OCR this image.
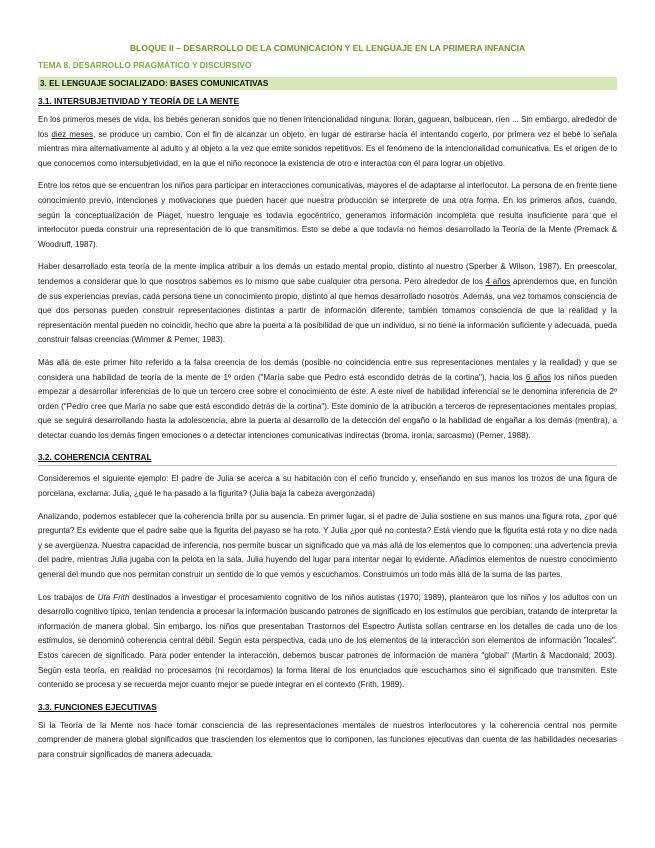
BLOQUE II – DESARROLLO DE LA COMUNICACIÓN Y EL LENGUAJE EN LA PRIMERA INFANCIA
TEMA 8. DESARROLLO PRAGMÁTICO Y DISCURSIVO
3. EL LENGUAJE SOCIALIZADO: BASES COMUNICATIVAS
3.1. INTERSUBJETIVIDAD Y TEORÍA DE LA MENTE

En los primeros meses de vida, los bebés generan sonidos que no tienen intencionalidad ninguna: lloran, gaguean, balbucean, ríen ... Sin embargo, alrededor de los diez meses, se produce un cambio. Con el fin de alcanzar un objeto, en lugar de estirarse hacia él intentando cogerlo, por primera vez el bebé lo señala mientras mira alternativamente al adulto y al objeto a la vez que emite sonidos repetitivos. Es el fenómeno de la intencionalidad comunicativa. Es el origen de lo que conocemos como intersubjetividad, en la que el niño reconoce la existencia de otro e interactúa con él para lograr un objetivo.

Entre los retos que se encuentran los niños para participar en interacciones comunicativas, mayores el de adaptarse al interlocutor. La persona de en frente tiene conocimiento previo, intenciones y motivaciones que pueden hacer que nuestra producción se interprete de una otra forma. En los primeros años, cuando, según la conceptualización de Piaget, nuestro lenguaje es todavía egocéntrico, generamos información incompleta que resulta insuficiente para que el interlocutor pueda construir una representación de lo que transmitimos. Esto se debe a que todavía no hemos desarrollado la Teoría de la Mente (Premack & Woodruff, 1987).

Haber desarrollado esta teoría de la mente implica atribuir a los demás un estado mental propio, distinto al nuestro (Sperber & Wilson, 1987). En preescolar, tendemos a considerar que lo que nosotros sabemos es lo mismo que sabe cualquier otra persona. Pero alrededor de los 4 años aprendemos que, en función de sus experiencias previas, cada persona tiene un conocimiento propio, distinto al que hemos desarrollado nosotros. Además, una vez tomamos consciencia de que dos personas pueden construir representaciones distintas a partir de información diferente, también tomamos consciencia de que la realidad y la representación mental pueden no coincidir, hecho que abre la puerta a la posibilidad de que un individuo, si no tiene la información suficiente y adecuada, pueda construir falsas creencias (Wimmer & Pemer, 1983).

Más allá de este primer hito referido a la falsa creencia de los demás (posible no coincidencia entre sus representaciones mentales y la realidad) y que se considera una habilidad de teoría de la mente de 1º orden ("María sabe que Pedro está escondido detrás de la cortina"), hacia los 6 años los niños pueden empezar a desarrollar inferencias de lo que un tercero cree sobre el conocimiento de éste. A este nivel de habilidad inferencial se le denomina inferencia de 2º orden ("Pedro cree que María no sabe que está escondido detrás de la cortina"). Este dominio de la atribución a terceros de representaciones mentales propias, que se seguirá desarrollando hasta la adolescencia, abre la puerta al desarrollo de la detección del engaño o la habilidad de engañar a los demás (mentira), a detectar cuando los demás fingen emociones o a detectar intenciones comunicativas indirectas (broma, ironía, sarcasmo) (Perner, 1988).

3.2. COHERENCIA CENTRAL

Consideremos el siguiente ejemplo: El padre de Julia se acerca a su habitación con el ceño fruncido y, enseñando en sus manos los trozos de una figura de porcelana, exclama: Julia, ¿qué le ha pasado a la figurita? (Julia baja la cabeza avergonzada)

Analizando, podemos establecer que la coherencia brilla por su ausencia. En primer lugar, si el padre de Julia sostiene en sus manos una figura rota, ¿por qué pregunta? Es evidente que el padre sabe que la figurita del payaso se ha roto. Y Julia ¿por qué no contesta? Está viendo que la figurita está rota y no dice nada y se avergüenza. Nuestra capacidad de inferencia, nos permite buscar un significado que va más allá de los elementos que lo componen: una advertencia previa del padre, mientras Julia jugaba con la pelota en la sala, Julia huyendo del lugar para intentar negar lo evidente. Añadimos elementos de nuestro conocimiento general del mundo que nos permitan construir un sentido de lo que vemos y escuchamos. Construimos un todo más allá de la suma de las partes.

Los trabajos de Uta Frith destinados a investigar el procesamiento cognitivo de los niños autistas (1970; 1989), plantearon que los niños y los adultos con un desarrollo cognitivo típico, tenían tendencia a procesar la información buscando patrones de significado en los estímulos que percibían, tratando de interpretar la información de manera global. Sin embargo, los niños que presentaban Trastornos del Espectro Autista solían centrarse en los detalles de cada uno de los estímulos, se denominó coherencia central débil. Según esta perspectiva, cada uno de los elementos de la interacción son elementos de información "locales". Estos carecen de significado. Para poder entender la interacción, debemos buscar patrones de información de manera "global" (Martin & Macdonald; 2003). Según esta teoría, en realidad no procesamos (ni recordamos) la forma literal de los enunciados que escuchamos sino el significado que transmiten. Este contenido se procesa y se recuerda mejor cuanto mejor se puede integrar en el contexto (Frith, 1989).

3.3. FUNCIONES EJECUTIVAS

Si la Teoría de la Mente nos hace tomar consciencia de las representaciones mentales de nuestros interlocutores y la coherencia central nos permite comprender de manera global significados que trascienden los elementos que lo componen, las funciones ejecutivas dan cuenta de las habilidades necesarias para construir significados de manera adecuada.
